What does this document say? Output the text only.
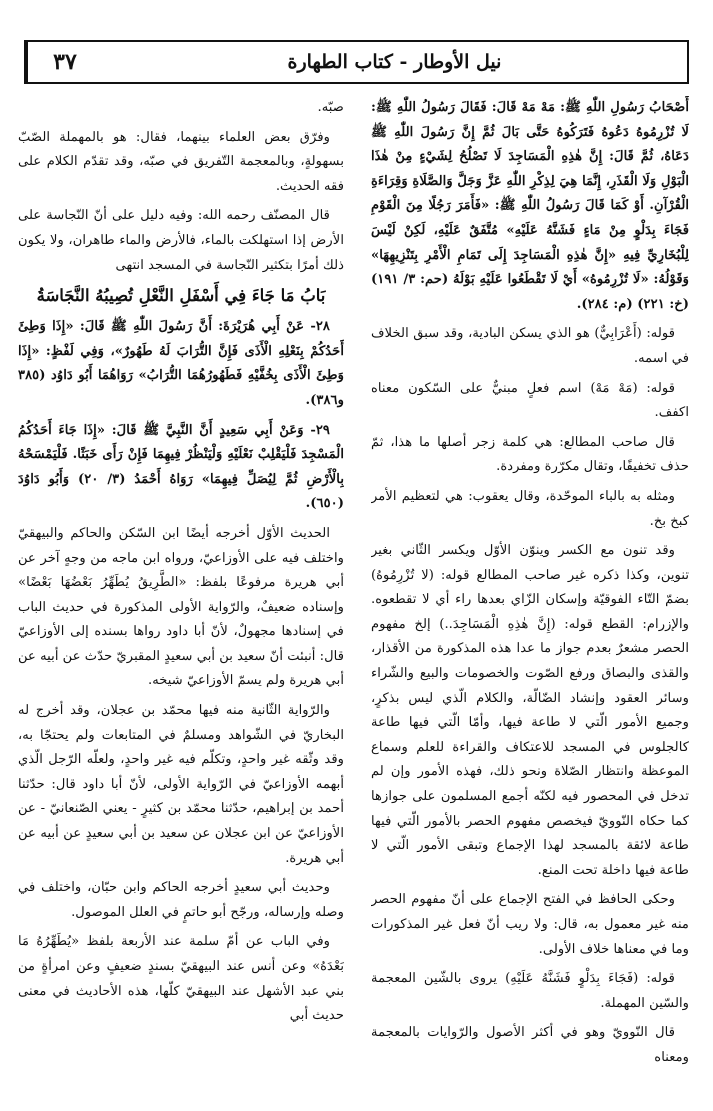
نيل الأوطار - كتاب الطهارة
٣٧

أَصْحَابُ رَسُولِ اللّٰهِ ﷺ: مَهْ مَهْ قَالَ: فَقَالَ رَسُولُ اللّٰهِ ﷺ: لَا تُزْرِمُوهُ دَعُوهُ فَتَرَكُوهُ حَتَّى بَالَ ثُمَّ إِنَّ رَسُولَ اللّٰهِ ﷺ دَعَاهُ، ثُمَّ قَالَ: إِنَّ هٰذِهِ الْمَسَاجِدَ لَا تَصْلُحُ لِشَيْءٍ مِنْ هٰذَا الْبَوْلِ وَلَا الْقَذَرِ، إِنَّمَا هِيَ لِذِكْرِ اللّٰهِ عَزَّ وَجَلَّ وَالصَّلَاةِ وَقِرَاءَةِ الْقُرْآنِ. أَوْ كَمَا قَالَ رَسُولُ اللّٰهِ ﷺ: «فَأَمَرَ رَجُلًا مِنَ الْقَوْمِ فَجَاءَ بِدَلْوٍ مِنْ مَاءٍ فَشَنَّهُ عَلَيْهِ» مُتَّفَقٌ عَلَيْهِ، لَكِنْ لَيْسَ لِلْبُخَارِيِّ فِيهِ «إِنَّ هٰذِهِ الْمَسَاجِدَ إِلَى تَمَامِ الْأَمْرِ بِتَنْزِيهِهَا» وَقَوْلُهُ: «لَا تُزْرِمُوهُ» أَيْ لَا تَقْطَعُوا عَلَيْهِ بَوْلَهُ (حم: ٣/ ١٩١) (خ: ٢٢١) (م: ٢٨٤).

قوله: (أَعْرَابِيٌّ) هو الذي يسكن البادية، وقد سبق الخلاف في اسمه.

قوله: (مَهْ مَهْ) اسم فعلٍ مبنيٌّ على السّكون معناه اكفف.

قال صاحب المطالع: هي كلمة زجر أصلها ما هذا، ثمّ حذف تخفيفًا، وتقال مكرّرة ومفردة.

ومثله به بالباء الموحّدة، وقال يعقوب: هي لتعظيم الأمر كبخ بخ.

وقد تنون مع الكسر وينوّن الأوّل ويكسر الثّاني بغير تنوين، وكذا ذكره غير صاحب المطالع قوله: (لا تُزْرِمُوهُ) بضمّ التّاء الفوقيّة وإسكان الزّاي بعدها راء أي لا تقطعوه. والإزرام: القطع قوله: (إِنَّ هٰذِهِ الْمَسَاجِدَ..) إلخ مفهوم الحصر مشعرٌ بعدم جواز ما عدا هذه المذكورة من الأقذار، والقذى والبصاق ورفع الصّوت والخصومات والبيع والشّراء وسائر العقود وإنشاد الضّالّة، والكلام الّذي ليس بذكرٍ، وجميع الأمور الّتي لا طاعة فيها، وأمّا الّتي فيها طاعة كالجلوس في المسجد للاعتكاف والقراءة للعلم وسماع الموعظة وانتظار الصّلاة ونحو ذلك، فهذه الأمور وإن لم تدخل في المحصور فيه لكنّه أجمع المسلمون على جوازها كما حكاه النّوويّ فيخصص مفهوم الحصر بالأمور الّتي فيها طاعة لائقة بالمسجد لهذا الإجماع وتبقى الأمور الّتي لا طاعة فيها داخلة تحت المنع.

وحكى الحافظ في الفتح الإجماع على أنّ مفهوم الحصر منه غير معمول به، قال: ولا ريب أنّ فعل غير المذكورات وما في معناها خلاف الأولى.

قوله: (فَجَاءَ بِدَلْوٍ فَشَنَّهُ عَلَيْهِ) يروى بالشّين المعجمة والسّين المهملة.

قال النّوويّ وهو في أكثر الأصول والرّوايات بالمعجمة ومعناه

صبّه.

وفرّق بعض العلماء بينهما، فقال: هو بالمهملة الصّبّ بسهولةٍ، وبالمعجمة التّفريق في صبّه، وقد تقدّم الكلام على فقه الحديث.

قال المصنّف رحمه الله: وفيه دليل على أنّ النّجاسة على الأرض إذا استهلكت بالماء، فالأرض والماء طاهران، ولا يكون ذلك أمرًا بتكثير النّجاسة في المسجد انتهى

بَابُ مَا جَاءَ فِي أَسْفَلِ النَّعْلِ تُصِيبُهُ النَّجَاسَةُ

٢٨- عَنْ أَبِي هُرَيْرَةَ: أَنَّ رَسُولَ اللّٰهِ ﷺ قَالَ: «إِذَا وَطِئَ أَحَدُكُمْ بِنَعْلِهِ الْأَذَى فَإِنَّ التُّرَابَ لَهُ طَهُورٌ»، وَفِي لَفْظٍ: «إِذَا وَطِئَ الْأَذَى بِخُفَّيْهِ فَطَهُورُهُمَا التُّرَابُ» رَوَاهُمَا أَبُو دَاوُد (٣٨٥ و٣٨٦).

٢٩- وَعَنْ أَبِي سَعِيدٍ أَنَّ النَّبِيَّ ﷺ قَالَ: «إِذَا جَاءَ أَحَدُكُمُ الْمَسْجِدَ فَلْيَقْلِبْ نَعْلَيْهِ وَلْيَنْظُرْ فِيهِمَا فَإِنْ رَأَى خَبَثًا. فَلْيَمْسَحْهُ بِالْأَرْضِ ثُمَّ لِيُصَلِّ فِيهِمَا» رَوَاهُ أَحْمَدُ (٣/ ٢٠) وَأَبُو دَاوُدَ (٦٥٠).

الحديث الأوّل أخرجه أيضًا ابن السّكن والحاكم والبيهقيّ واختلف فيه على الأوزاعيّ، ورواه ابن ماجه من وجهٍ آخر عن أبي هريرة مرفوعًا بلفظ: «الطَّرِيقُ يُطَهِّرُ بَعْضُهَا بَعْضًا» وإسناده ضعيفٌ، والرّواية الأولى المذكورة في حديث الباب في إسنادها مجهولٌ، لأنّ أبا داود رواها بسنده إلى الأوزاعيّ قال: أنبئت أنّ سعيد بن أبي سعيدٍ المقبريّ حدّث عن أبيه عن أبي هريرة ولم يسمّ الأوزاعيّ شيخه.

والرّواية الثّانية منه فيها محمّد بن عجلان، وقد أخرج له البخاريّ في الشّواهد ومسلمٌ في المتابعات ولم يحتجّا به، وقد وثّقه غير واحدٍ، وتكلّم فيه غير واحدٍ، ولعلّه الرّجل الّذي أبهمه الأوزاعيّ في الرّواية الأولى، لأنّ أبا داود قال: حدّثنا أحمد بن إبراهيم، حدّثنا محمّد بن كثيرٍ - يعني الصّنعانيّ - عن الأوزاعيّ عن ابن عجلان عن سعيد بن أبي سعيدٍ عن أبيه عن أبي هريرة.

وحديث أبي سعيدٍ أخرجه الحاكم وابن حبّان، واختلف في وصله وإرساله، ورجّح أبو حاتمٍ في العلل الموصول.

وفي الباب عن أمّ سلمة عند الأربعة بلفظ «يُطَهِّرُهُ مَا بَعْدَهُ» وعن أنس عند البيهقيّ بسندٍ ضعيفٍ وعن امرأةٍ من بني عبد الأشهل عند البيهقيّ كلّها، هذه الأحاديث في معنى حديث أبي
